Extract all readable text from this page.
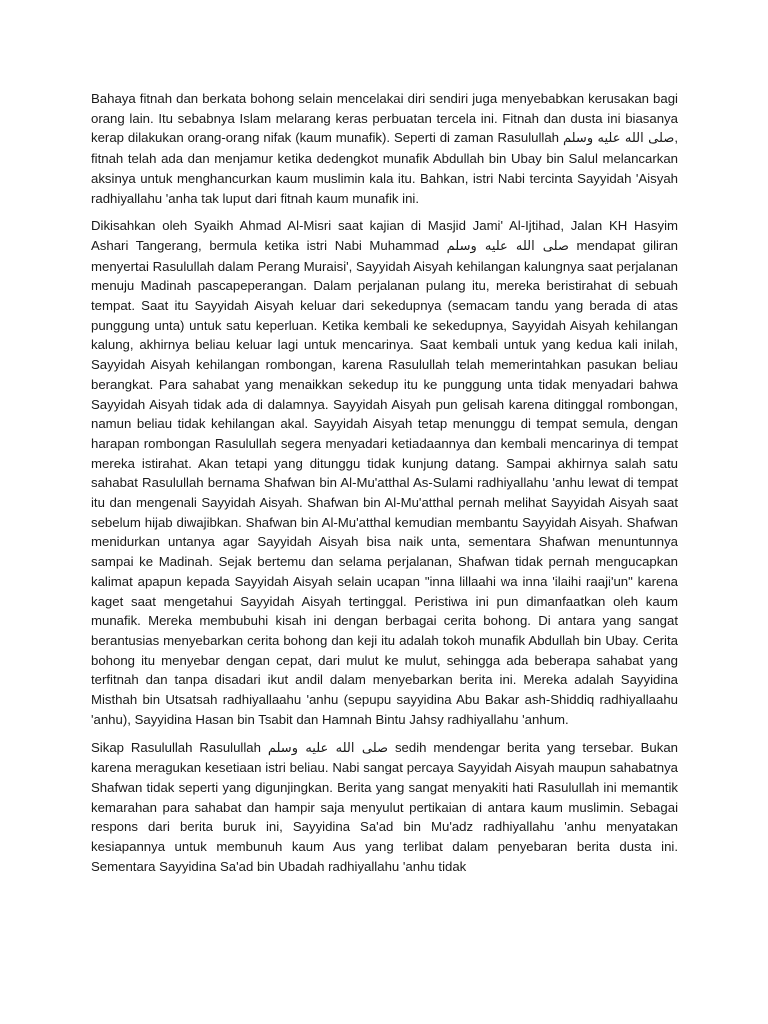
Bahaya fitnah dan berkata bohong selain mencelakai diri sendiri juga menyebabkan kerusakan bagi orang lain. Itu sebabnya Islam melarang keras perbuatan tercela ini. Fitnah dan dusta ini biasanya kerap dilakukan orang-orang nifak (kaum munafik). Seperti di zaman Rasulullah صلى الله عليه وسلم, fitnah telah ada dan menjamur ketika dedengkot munafik Abdullah bin Ubay bin Salul melancarkan aksinya untuk menghancurkan kaum muslimin kala itu. Bahkan, istri Nabi tercinta Sayyidah 'Aisyah radhiyallahu 'anha tak luput dari fitnah kaum munafik ini.

Dikisahkan oleh Syaikh Ahmad Al-Misri saat kajian di Masjid Jami' Al-Ijtihad, Jalan KH Hasyim Ashari Tangerang, bermula ketika istri Nabi Muhammad صلى الله عليه وسلم mendapat giliran menyertai Rasulullah dalam Perang Muraisi', Sayyidah Aisyah kehilangan kalungnya saat perjalanan menuju Madinah pascapeperangan. Dalam perjalanan pulang itu, mereka beristirahat di sebuah tempat. Saat itu Sayyidah Aisyah keluar dari sekedupnya (semacam tandu yang berada di atas punggung unta) untuk satu keperluan. Ketika kembali ke sekedupnya, Sayyidah Aisyah kehilangan kalung, akhirnya beliau keluar lagi untuk mencarinya. Saat kembali untuk yang kedua kali inilah, Sayyidah Aisyah kehilangan rombongan, karena Rasulullah telah memerintahkan pasukan beliau berangkat. Para sahabat yang menaikkan sekedup itu ke punggung unta tidak menyadari bahwa Sayyidah Aisyah tidak ada di dalamnya. Sayyidah Aisyah pun gelisah karena ditinggal rombongan, namun beliau tidak kehilangan akal. Sayyidah Aisyah tetap menunggu di tempat semula, dengan harapan rombongan Rasulullah segera menyadari ketiadaannya dan kembali mencarinya di tempat mereka istirahat. Akan tetapi yang ditunggu tidak kunjung datang. Sampai akhirnya salah satu sahabat Rasulullah bernama Shafwan bin Al-Mu'atthal As-Sulami radhiyallahu 'anhu lewat di tempat itu dan mengenali Sayyidah Aisyah. Shafwan bin Al-Mu'atthal pernah melihat Sayyidah Aisyah saat sebelum hijab diwajibkan. Shafwan bin Al-Mu'atthal kemudian membantu Sayyidah Aisyah. Shafwan menidurkan untanya agar Sayyidah Aisyah bisa naik unta, sementara Shafwan menuntunnya sampai ke Madinah. Sejak bertemu dan selama perjalanan, Shafwan tidak pernah mengucapkan kalimat apapun kepada Sayyidah Aisyah selain ucapan "inna lillaahi wa inna 'ilaihi raaji'un" karena kaget saat mengetahui Sayyidah Aisyah tertinggal. Peristiwa ini pun dimanfaatkan oleh kaum munafik. Mereka membubuhi kisah ini dengan berbagai cerita bohong. Di antara yang sangat berantusias menyebarkan cerita bohong dan keji itu adalah tokoh munafik Abdullah bin Ubay. Cerita bohong itu menyebar dengan cepat, dari mulut ke mulut, sehingga ada beberapa sahabat yang terfitnah dan tanpa disadari ikut andil dalam menyebarkan berita ini. Mereka adalah Sayyidina Misthah bin Utsatsah radhiyallaahu 'anhu (sepupu sayyidina Abu Bakar ash-Shiddiq radhiyallaahu 'anhu), Sayyidina Hasan bin Tsabit dan Hamnah Bintu Jahsy radhiyallahu 'anhum.

Sikap Rasulullah Rasulullah صلى الله عليه وسلم sedih mendengar berita yang tersebar. Bukan karena meragukan kesetiaan istri beliau. Nabi sangat percaya Sayyidah Aisyah maupun sahabatnya Shafwan tidak seperti yang digunjingkan. Berita yang sangat menyakiti hati Rasulullah ini memantik kemarahan para sahabat dan hampir saja menyulut pertikaian di antara kaum muslimin. Sebagai respons dari berita buruk ini, Sayyidina Sa'ad bin Mu'adz radhiyallahu 'anhu menyatakan kesiapannya untuk membunuh kaum Aus yang terlibat dalam penyebaran berita dusta ini. Sementara Sayyidina Sa'ad bin Ubadah radhiyallahu 'anhu tidak
